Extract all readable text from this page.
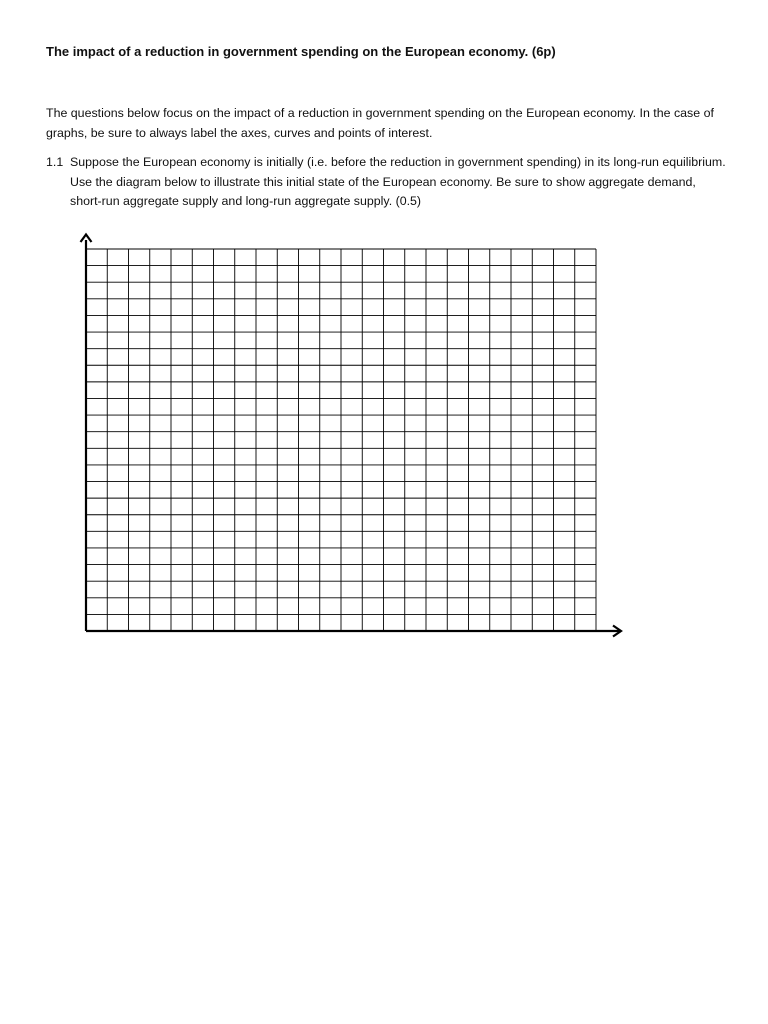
The impact of a reduction in government spending on the European economy. (6p)
The questions below focus on the impact of a reduction in government spending on the European economy. In the case of graphs, be sure to always label the axes, curves and points of interest.
1.1 Suppose the European economy is initially (i.e. before the reduction in government spending) in its long-run equilibrium. Use the diagram below to illustrate this initial state of the European economy. Be sure to show aggregate demand, short-run aggregate supply and long-run aggregate supply. (0.5)
